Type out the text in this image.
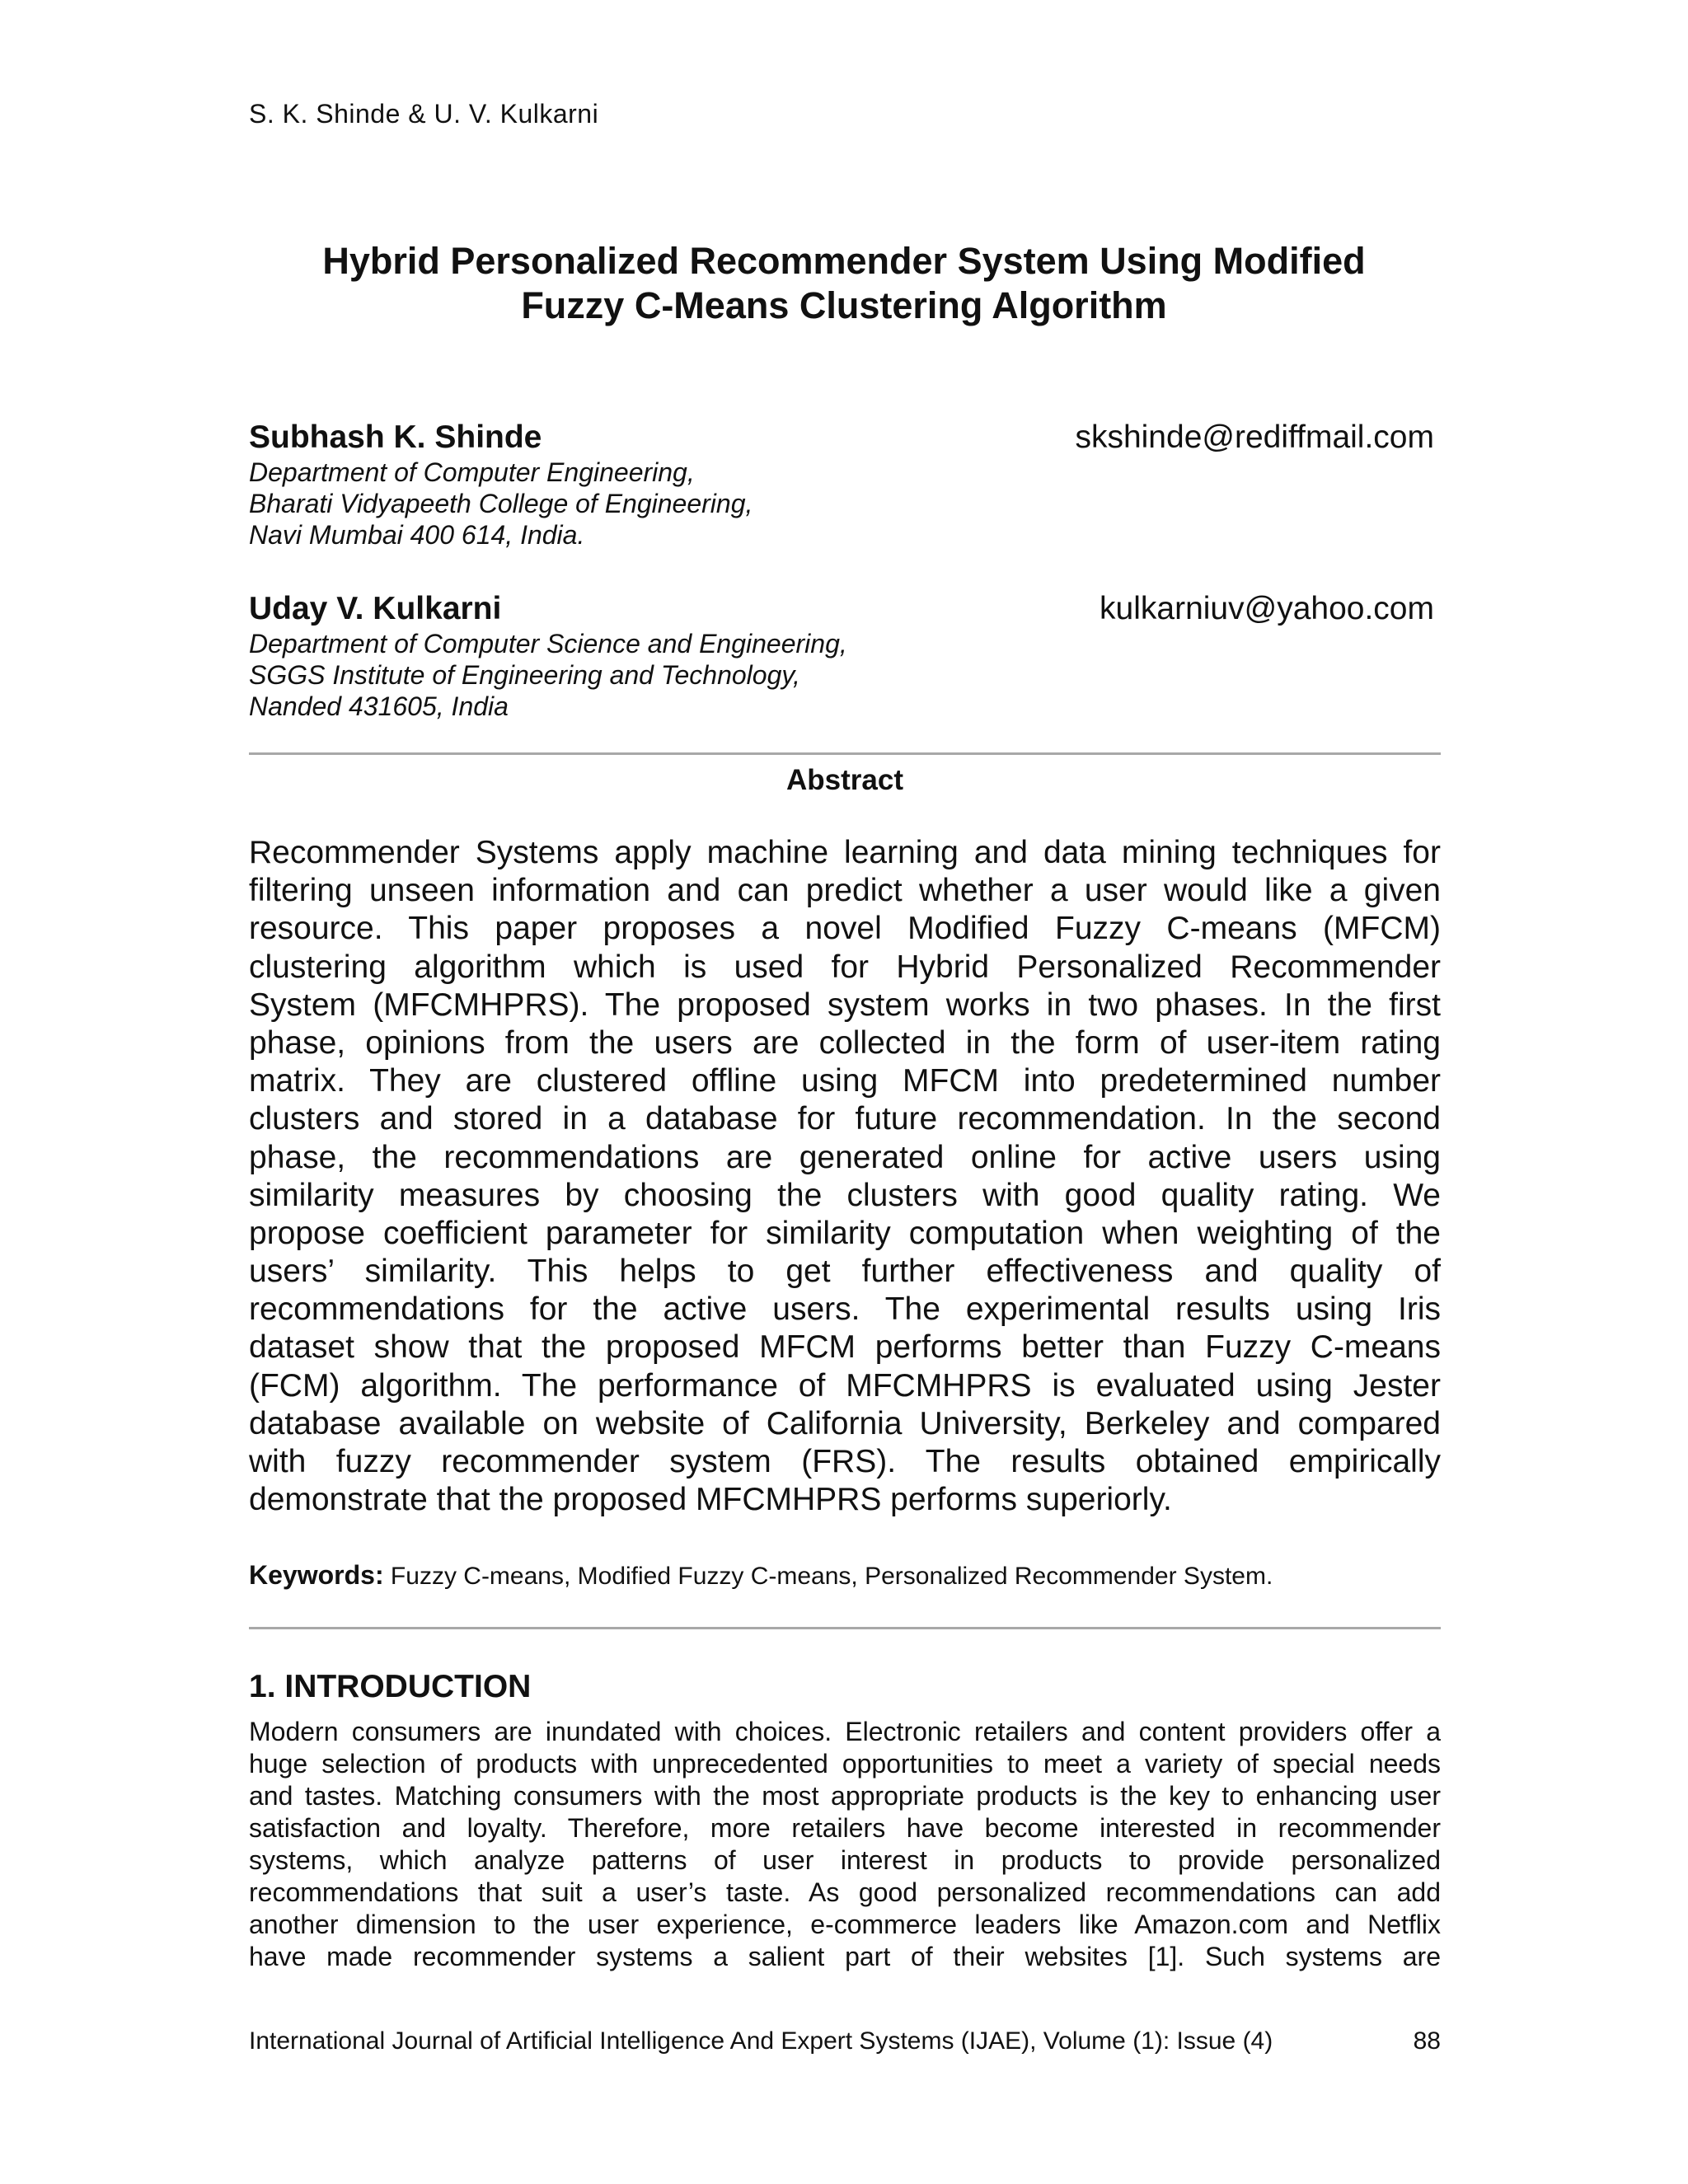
S. K. Shinde & U. V. Kulkarni
Hybrid Personalized Recommender System Using Modified
Fuzzy C-Means Clustering Algorithm
Subhash K. Shinde	skshinde@rediffmail.com
Department of Computer Engineering,
Bharati Vidyapeeth College of Engineering,
Navi Mumbai 400 614, India.
Uday V. Kulkarni	kulkarniuv@yahoo.com
Department of Computer Science and Engineering,
SGGS Institute of Engineering and Technology,
Nanded 431605, India
Abstract
Recommender Systems apply machine learning and data mining techniques for
filtering unseen information and can predict whether a user would like a given
resource. This paper proposes a novel Modified Fuzzy C-means (MFCM)
clustering algorithm which is used for Hybrid Personalized Recommender
System (MFCMHPRS). The proposed system works in two phases. In the first
phase, opinions from the users are collected in the form of user-item rating
matrix. They are clustered offline using MFCM into predetermined number
clusters and stored in a database for future recommendation. In the second
phase, the recommendations are generated online for active users using
similarity measures by choosing the clusters with good quality rating. We
propose coefficient parameter for similarity computation when weighting of the
users’ similarity. This helps to get further effectiveness and quality of
recommendations for the active users. The experimental results using Iris
dataset show that the proposed MFCM performs better than Fuzzy C-means
(FCM) algorithm. The performance of MFCMHPRS is evaluated using Jester
database available on website of California University, Berkeley and compared
with fuzzy recommender system (FRS). The results obtained empirically
demonstrate that the proposed MFCMHPRS performs superiorly.
Keywords: Fuzzy C-means, Modified Fuzzy C-means, Personalized Recommender System.
1. INTRODUCTION
Modern consumers are inundated with choices. Electronic retailers and content providers offer a
huge selection of products with unprecedented opportunities to meet a variety of special needs
and tastes. Matching consumers with the most appropriate products is the key to enhancing user
satisfaction and loyalty. Therefore, more retailers have become interested in recommender
systems, which analyze patterns of user interest in products to provide personalized
recommendations that suit a user’s taste. As good personalized recommendations can add
another dimension to the user experience, e-commerce leaders like Amazon.com and Netflix
have made recommender systems a salient part of their websites [1]. Such systems are
International Journal of Artificial Intelligence And Expert Systems (IJAE), Volume (1): Issue (4)	88
